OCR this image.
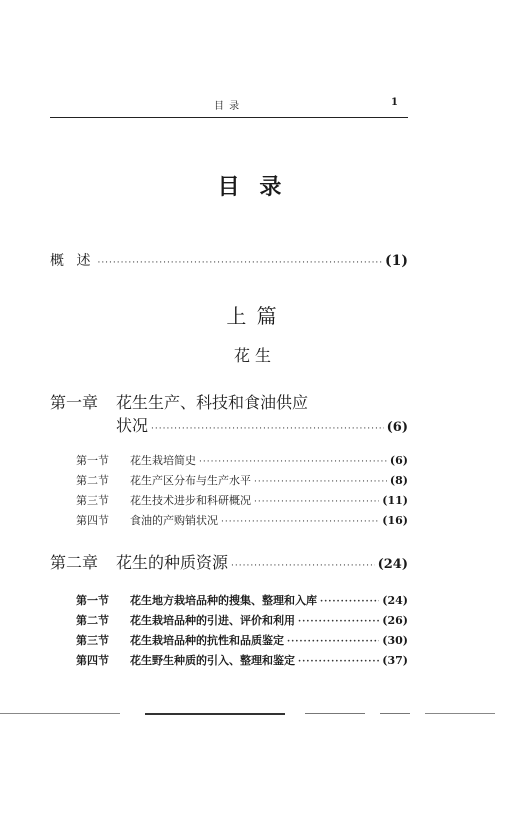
目 录	1
目 录
概 述 ·····	(1)
上 篇
花 生
第一章	花生生产、科技和食油供应
状况 ·····	(6)
第一节	花生栽培简史 ·····	(6)
第二节	花生产区分布与生产水平 ·····	(8)
第三节	花生技术进步和科研概况 ·····	(11)
第四节	食油的产购销状况 ·····	(16)
第二章	花生的种质资源 ·····	(24)
第一节	花生地方栽培品种的搜集、整理和入库 ·····	(24)
第二节	花生栽培品种的引进、评价和利用 ·····	(26)
第三节	花生栽培品种的抗性和品质鉴定 ·····	(30)
第四节	花生野生种质的引入、整理和鉴定 ·····	(37)
